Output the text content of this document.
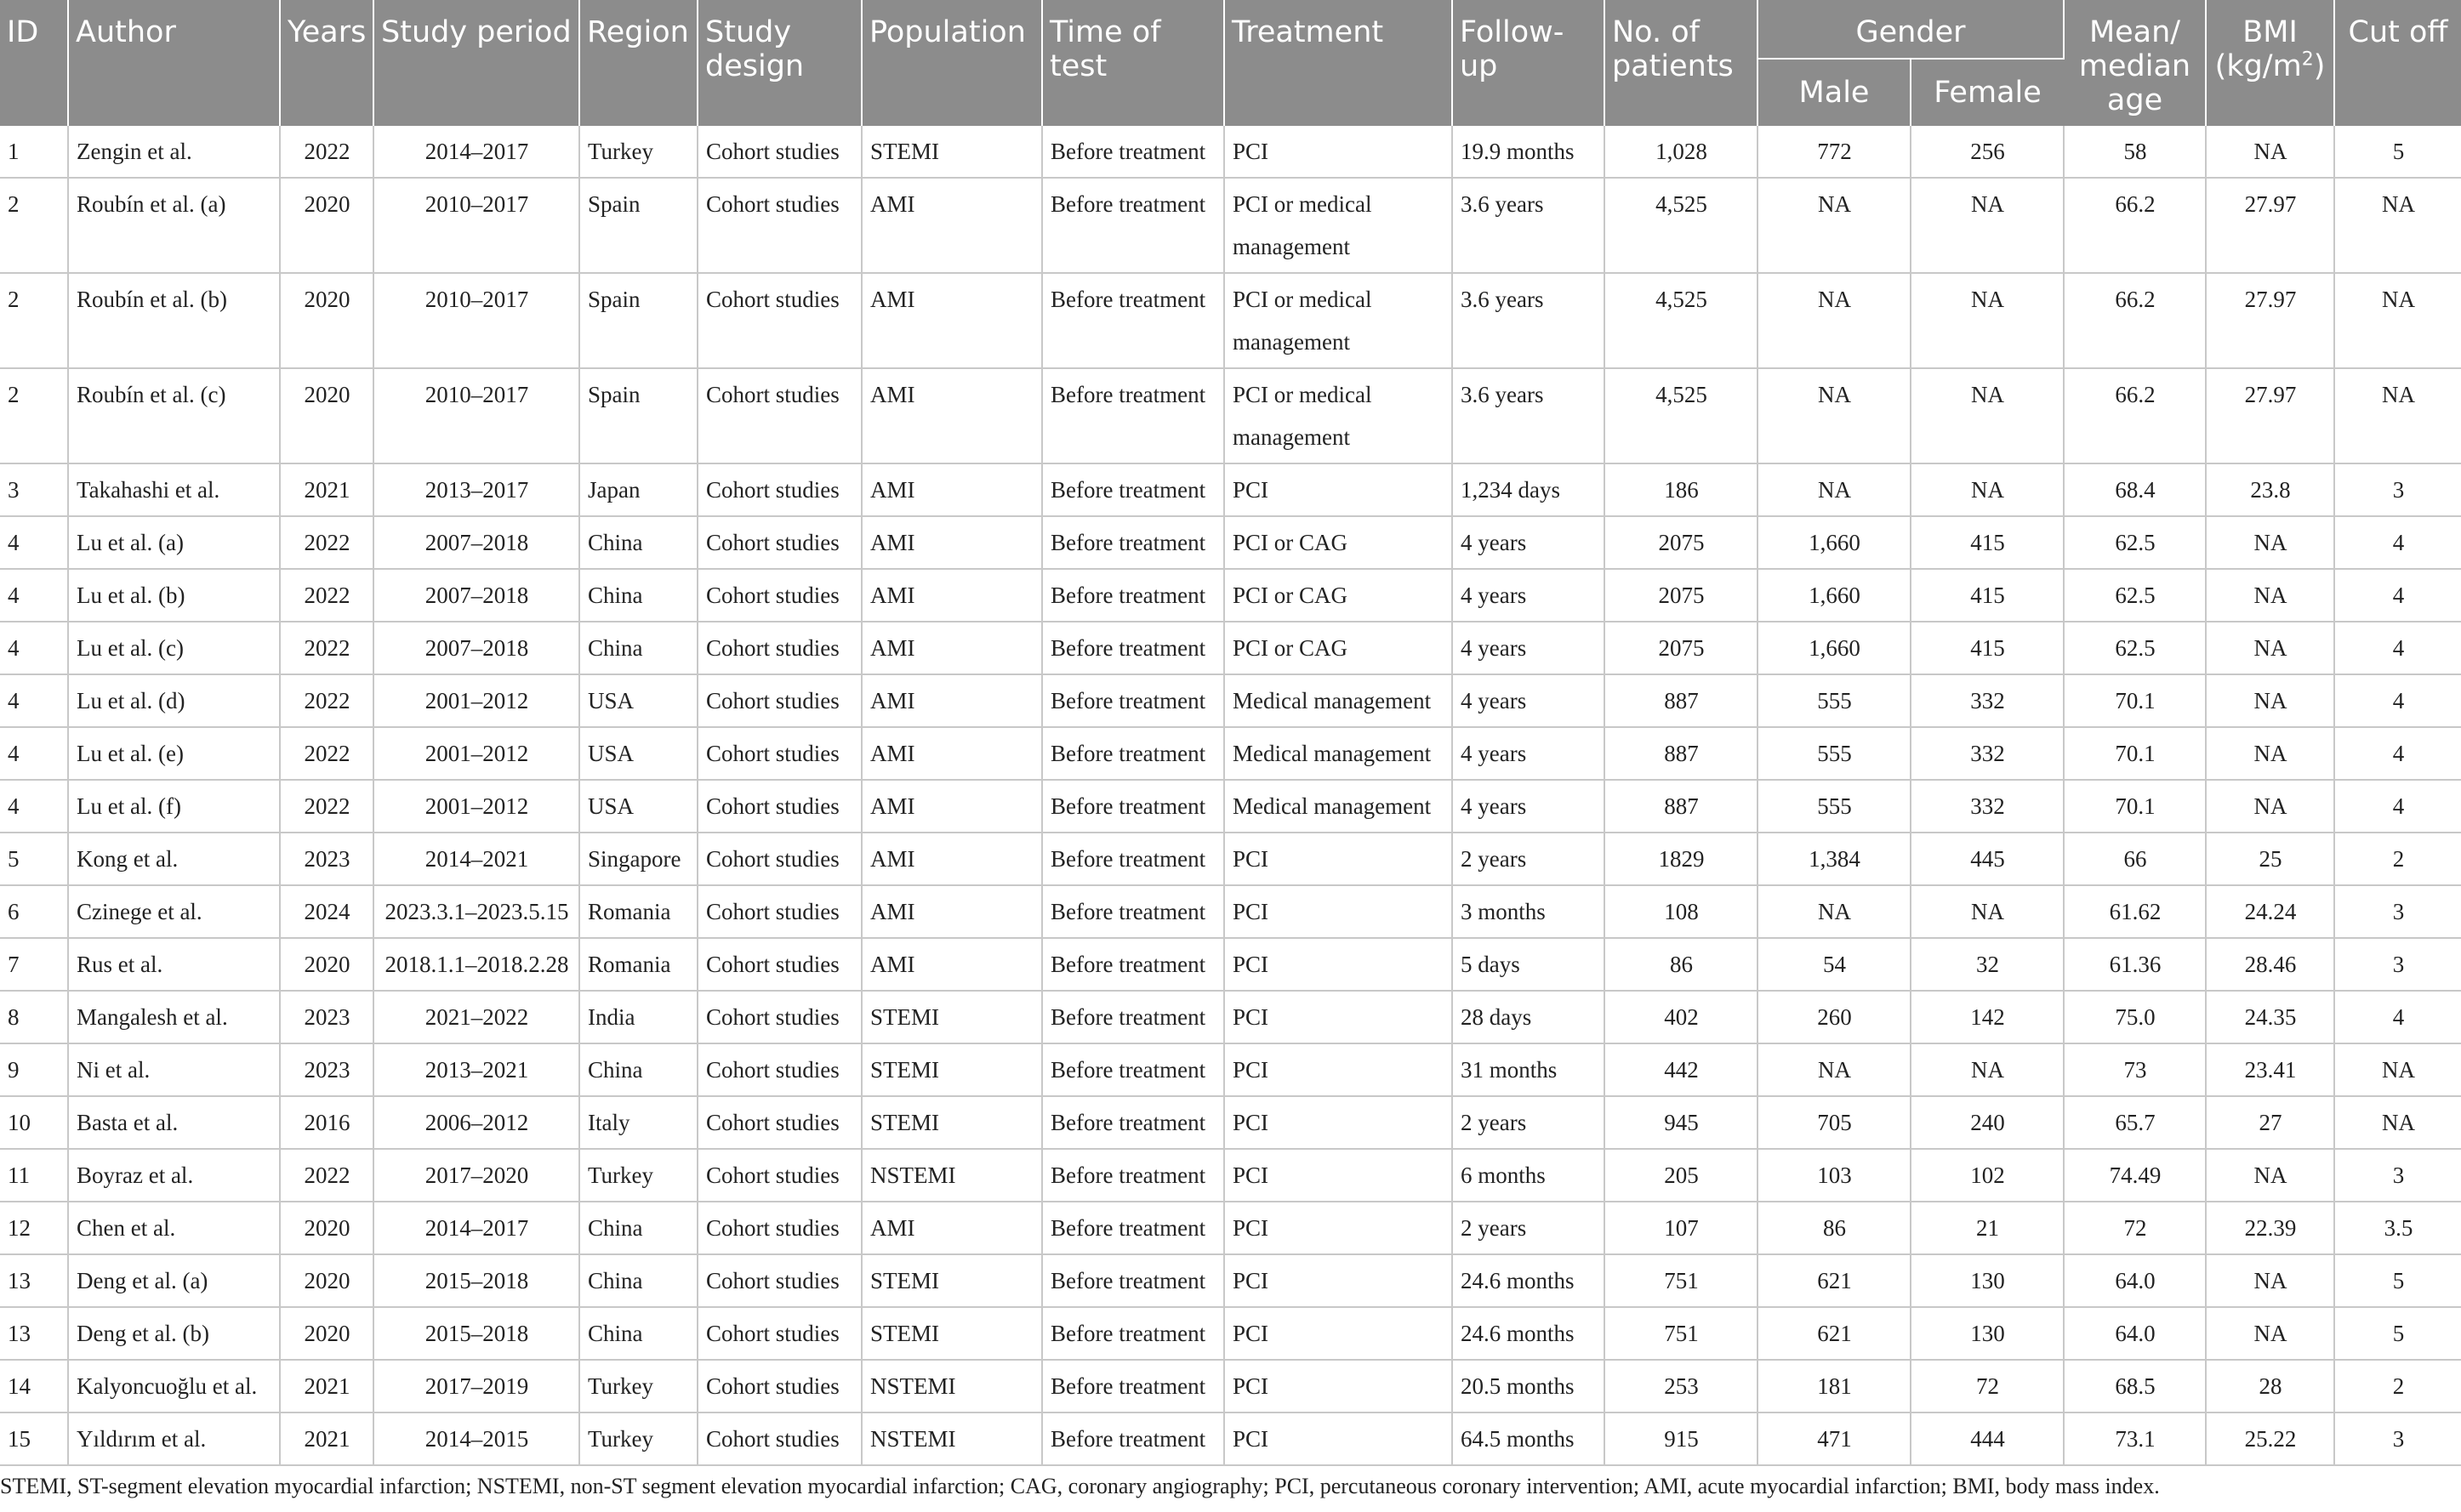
ID	Author	Years	Study period	Region	Study design	Population	Time of test	Treatment	Follow-up	No. of patients	Gender		Mean/ median age	BMI $(kg/m^2)$	Cut off
											Male	Female			
1	Zengin et al.	2022	2014–2017	Turkey	Cohort studies	STEMI	Before treatment	PCI	19.9 months	1,028	772	256	58	NA	5
2	Roubín et al. (a)	2020	2010–2017	Spain	Cohort studies	AMI	Before treatment	PCI or medical management	3.6 years	4,525	NA	NA	66.2	27.97	NA
2	Roubín et al. (b)	2020	2010–2017	Spain	Cohort studies	AMI	Before treatment	PCI or medical management	3.6 years	4,525	NA	NA	66.2	27.97	NA
2	Roubín et al. (c)	2020	2010–2017	Spain	Cohort studies	AMI	Before treatment	PCI or medical management	3.6 years	4,525	NA	NA	66.2	27.97	NA
3	Takahashi et al.	2021	2013–2017	Japan	Cohort studies	AMI	Before treatment	PCI	1,234 days	186	NA	NA	68.4	23.8	3
4	Lu et al. (a)	2022	2007–2018	China	Cohort studies	AMI	Before treatment	PCI or CAG	4 years	2075	1,660	415	62.5	NA	4
4	Lu et al. (b)	2022	2007–2018	China	Cohort studies	AMI	Before treatment	PCI or CAG	4 years	2075	1,660	415	62.5	NA	4
4	Lu et al. (c)	2022	2007–2018	China	Cohort studies	AMI	Before treatment	PCI or CAG	4 years	2075	1,660	415	62.5	NA	4
4	Lu et al. (d)	2022	2001–2012	USA	Cohort studies	AMI	Before treatment	Medical management	4 years	887	555	332	70.1	NA	4
4	Lu et al. (e)	2022	2001–2012	USA	Cohort studies	AMI	Before treatment	Medical management	4 years	887	555	332	70.1	NA	4
4	Lu et al. (f)	2022	2001–2012	USA	Cohort studies	AMI	Before treatment	Medical management	4 years	887	555	332	70.1	NA	4
5	Kong et al.	2023	2014–2021	Singapore	Cohort studies	AMI	Before treatment	PCI	2 years	1829	1,384	445	66	25	2
6	Czinege et al.	2024	2023.3.1–2023.5.15	Romania	Cohort studies	AMI	Before treatment	PCI	3 months	108	NA	NA	61.62	24.24	3
7	Rus et al.	2020	2018.1.1–2018.2.28	Romania	Cohort studies	AMI	Before treatment	PCI	5 days	86	54	32	61.36	28.46	3
8	Mangalesh et al.	2023	2021–2022	India	Cohort studies	STEMI	Before treatment	PCI	28 days	402	260	142	75.0	24.35	4
9	Ni et al.	2023	2013–2021	China	Cohort studies	STEMI	Before treatment	PCI	31 months	442	NA	NA	73	23.41	NA
10	Basta et al.	2016	2006–2012	Italy	Cohort studies	STEMI	Before treatment	PCI	2 years	945	705	240	65.7	27	NA
11	Boyraz et al.	2022	2017–2020	Turkey	Cohort studies	NSTEMI	Before treatment	PCI	6 months	205	103	102	74.49	NA	3
12	Chen et al.	2020	2014–2017	China	Cohort studies	AMI	Before treatment	PCI	2 years	107	86	21	72	22.39	3.5
13	Deng et al. (a)	2020	2015–2018	China	Cohort studies	STEMI	Before treatment	PCI	24.6 months	751	621	130	64.0	NA	5
13	Deng et al. (b)	2020	2015–2018	China	Cohort studies	STEMI	Before treatment	PCI	24.6 months	751	621	130	64.0	NA	5
14	Kalyoncuoğlu et al.	2021	2017–2019	Turkey	Cohort studies	NSTEMI	Before treatment	PCI	20.5 months	253	181	72	68.5	28	2
15	Yıldırım et al.	2021	2014–2015	Turkey	Cohort studies	NSTEMI	Before treatment	PCI	64.5 months	915	471	444	73.1	25.22	3
STEMI, ST-segment elevation myocardial infarction; NSTEMI, non-ST segment elevation myocardial infarction; CAG, coronary angiography; PCI, percutaneous coronary intervention; AMI, acute myocardial infarction; BMI, body mass index.
